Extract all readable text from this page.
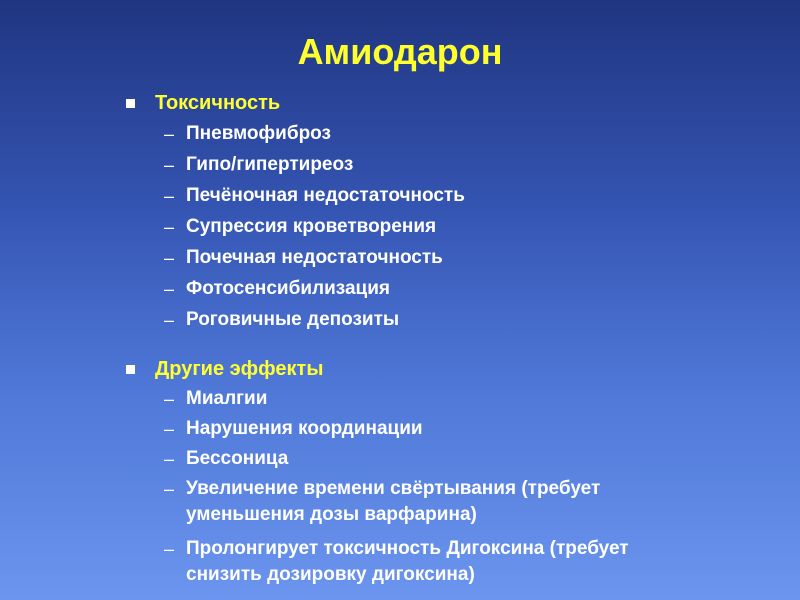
Амиодарон
Токсичность
– Пневмофиброз
– Гипо/гипертиреоз
– Печёночная недостаточность
– Супрессия кроветворения
– Почечная недостаточность
– Фотосенсибилизация
– Роговичные депозиты
Другие эффекты
– Миалгии
– Нарушения координации
– Бессоница
– Увеличение времени свёртывания (требует уменьшения дозы варфарина)
– Пролонгирует токсичность Дигоксина (требует снизить дозировку дигоксина)
